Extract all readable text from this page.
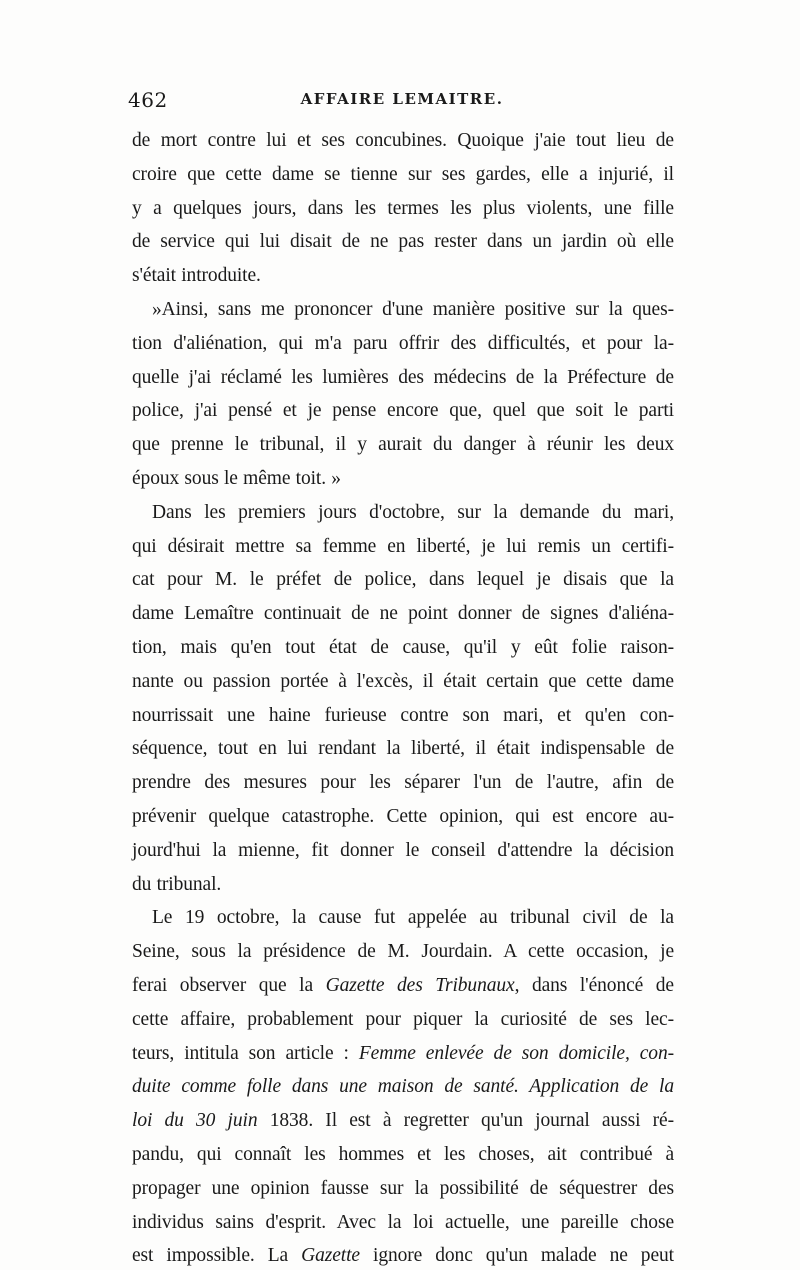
462	AFFAIRE LEMAITRE.

de mort contre lui et ses concubines. Quoique j'aie tout lieu de

croire que cette dame se tienne sur ses gardes, elle a injurié, il

y a quelques jours, dans les termes les plus violents, une fille

de service qui lui disait de ne pas rester dans un jardin où elle

s'était introduite.

»Ainsi, sans me prononcer d'une manière positive sur la ques-

tion d'aliénation, qui m'a paru offrir des difficultés, et pour la-

quelle j'ai réclamé les lumières des médecins de la Préfecture de

police, j'ai pensé et je pense encore que, quel que soit le parti

que prenne le tribunal, il y aurait du danger à réunir les deux

époux sous le même toit. »

Dans les premiers jours d'octobre, sur la demande du mari,

qui désirait mettre sa femme en liberté, je lui remis un certifi-

cat pour M. le préfet de police, dans lequel je disais que la

dame Lemaître continuait de ne point donner de signes d'aliéna-

tion, mais qu'en tout état de cause, qu'il y eût folie raison-

nante ou passion portée à l'excès, il était certain que cette dame

nourrissait une haine furieuse contre son mari, et qu'en con-

séquence, tout en lui rendant la liberté, il était indispensable de

prendre des mesures pour les séparer l'un de l'autre, afin de

prévenir quelque catastrophe. Cette opinion, qui est encore au-

jourd'hui la mienne, fit donner le conseil d'attendre la décision

du tribunal.

Le 19 octobre, la cause fut appelée au tribunal civil de la

Seine, sous la présidence de M. Jourdain. A cette occasion, je

ferai observer que la Gazette des Tribunaux, dans l'énoncé de

cette affaire, probablement pour piquer la curiosité de ses lec-

teurs, intitula son article : Femme enlevée de son domicile, con-

duite comme folle dans une maison de santé. Application de la

loi du 30 juin 1838. Il est à regretter qu'un journal aussi ré-

pandu, qui connaît les hommes et les choses, ait contribué à

propager une opinion fausse sur la possibilité de séquestrer des

individus sains d'esprit. Avec la loi actuelle, une pareille chose

est impossible. La Gazette ignore donc qu'un malade ne peut
